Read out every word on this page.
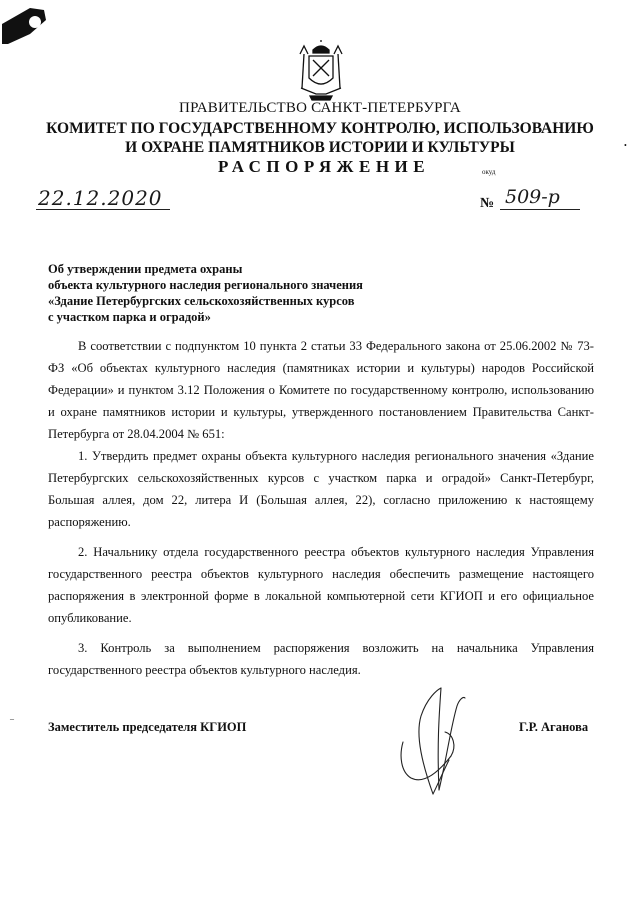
ПРАВИТЕЛЬСТВО САНКТ-ПЕТЕРБУРГА
КОМИТЕТ ПО ГОСУДАРСТВЕННОМУ КОНТРОЛЮ, ИСПОЛЬЗОВАНИЮ
И ОХРАНЕ ПАМЯТНИКОВ ИСТОРИИ И КУЛЬТУРЫ
РАСПОРЯЖЕНИЕ	окуд
22.12.2020	№ 509-р
Об утверждении предмета охраны
объекта культурного наследия регионального значения
«Здание Петербургских сельскохозяйственных курсов
с участком парка и оградой»

В соответствии с подпунктом 10 пункта 2 статьи 33 Федерального закона от 25.06.2002 № 73-ФЗ «Об объектах культурного наследия (памятниках истории и культуры) народов Российской Федерации» и пунктом 3.12 Положения о Комитете по государственному контролю, использованию и охране памятников истории и культуры, утвержденного постановлением Правительства Санкт-Петербурга от 28.04.2004 № 651:

1. Утвердить предмет охраны объекта культурного наследия регионального значения «Здание Петербургских сельскохозяйственных курсов с участком парка и оградой» Санкт-Петербург, Большая аллея, дом 22, литера И (Большая аллея, 22), согласно приложению к настоящему распоряжению.

2. Начальнику отдела государственного реестра объектов культурного наследия Управления государственного реестра объектов культурного наследия обеспечить размещение настоящего распоряжения в электронной форме в локальной компьютерной сети КГИОП и его официальное опубликование.

3. Контроль за выполнением распоряжения возложить на начальника Управления государственного реестра объектов культурного наследия.

Заместитель председателя КГИОП	Г.Р. Аганова
•
–
